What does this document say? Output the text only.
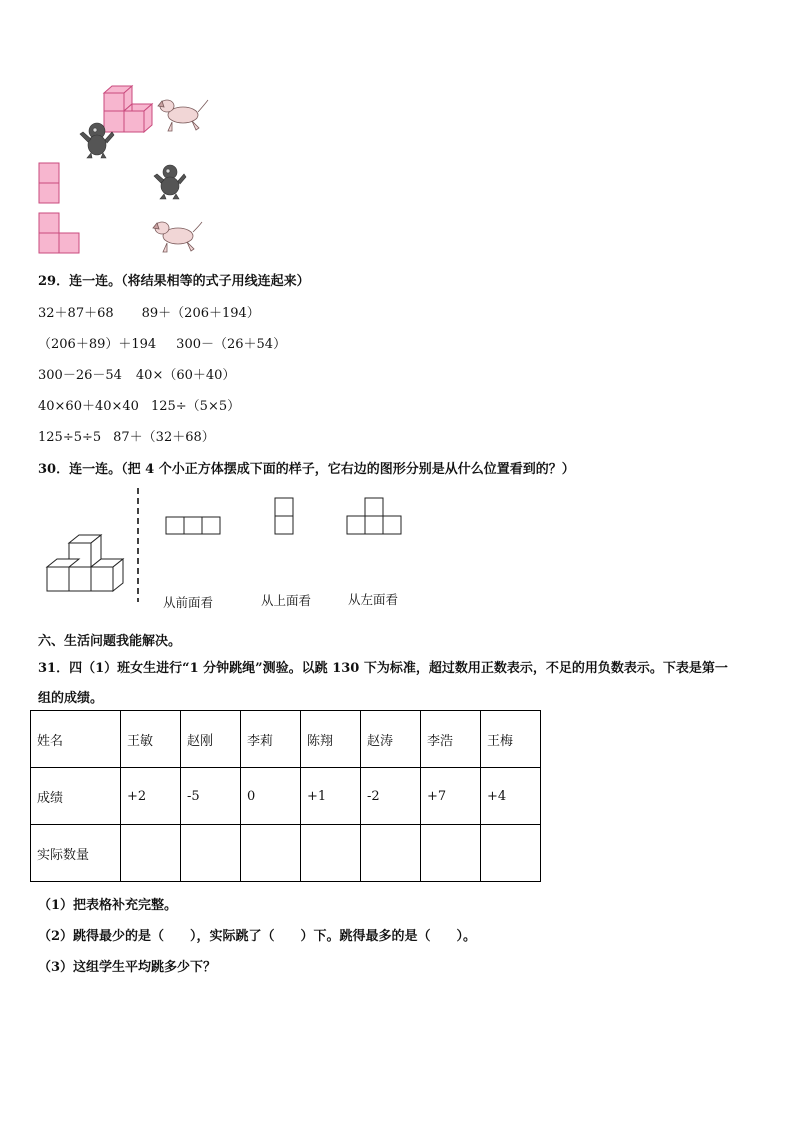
29．连一连。（将结果相等的式子用线连起来）
32＋87＋68 89＋（206＋194）
（206＋89）＋194 300－（26＋54）
300－26－54 40×（60＋40）
40×60＋40×40 125÷（5×5）
125÷5÷5 87＋（32＋68）
30．连一连。（把 4 个小正方体摆成下面的样子，它右边的图形分别是从什么位置看到的？）
从前面看	从上面看	从左面看
六、生活问题我能解决。
31．四（1）班女生进行“1 分钟跳绳”测验。以跳 130 下为标准，超过数用正数表示，不足的用负数表示。下表是第一
组的成绩。
姓名	王敏	赵刚	李莉	陈翔	赵涛	李浩	王梅
成绩	+2	-5	0	+1	-2	+7	+4
实际数量							
（1）把表格补充完整。
（2）跳得最少的是（　　），实际跳了（　　）下。跳得最多的是（　　）。
（3）这组学生平均跳多少下？
